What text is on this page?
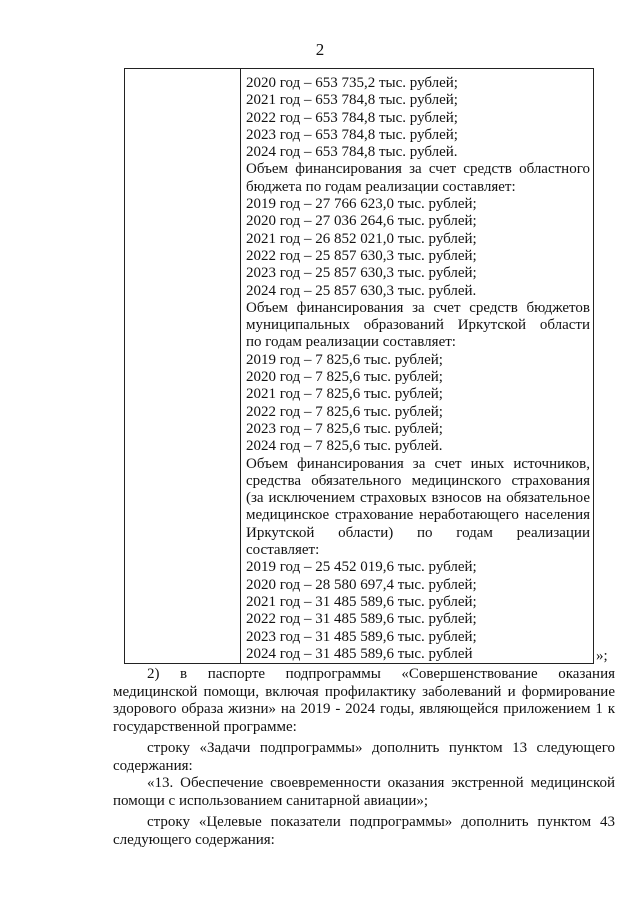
2
2020 год – 653 735,2 тыс. рублей;
2021 год – 653 784,8 тыс. рублей;
2022 год – 653 784,8 тыс. рублей;
2023 год – 653 784,8 тыс. рублей;
2024 год – 653 784,8 тыс. рублей.
Объем финансирования за счет средств областного
бюджета по годам реализации составляет:
2019 год – 27 766 623,0 тыс. рублей;
2020 год – 27 036 264,6 тыс. рублей;
2021 год – 26 852 021,0 тыс. рублей;
2022 год – 25 857 630,3 тыс. рублей;
2023 год – 25 857 630,3 тыс. рублей;
2024 год – 25 857 630,3 тыс. рублей.
Объем финансирования за счет средств бюджетов
муниципальных образований Иркутской области
по годам реализации составляет:
2019 год – 7 825,6 тыс. рублей;
2020 год – 7 825,6 тыс. рублей;
2021 год – 7 825,6 тыс. рублей;
2022 год – 7 825,6 тыс. рублей;
2023 год – 7 825,6 тыс. рублей;
2024 год – 7 825,6 тыс. рублей.
Объем финансирования за счет иных источников,
средства обязательного медицинского страхования
(за исключением страховых взносов на обязательное
медицинское страхование неработающего населения
Иркутской области) по годам реализации
составляет:
2019 год – 25 452 019,6 тыс. рублей;
2020 год – 28 580 697,4 тыс. рублей;
2021 год – 31 485 589,6 тыс. рублей;
2022 год – 31 485 589,6 тыс. рублей;
2023 год – 31 485 589,6 тыс. рублей;
2024 год – 31 485 589,6 тыс. рублей	»;

2) в паспорте подпрограммы «Совершенствование оказания медицинской помощи, включая профилактику заболеваний и формирование здорового образа жизни» на 2019 - 2024 годы, являющейся приложением 1 к государственной программе:

строку «Задачи подпрограммы» дополнить пунктом 13 следующего содержания:

«13. Обеспечение своевременности оказания экстренной медицинской помощи с использованием санитарной авиации»;

строку «Целевые показатели подпрограммы» дополнить пунктом 43 следующего содержания:
